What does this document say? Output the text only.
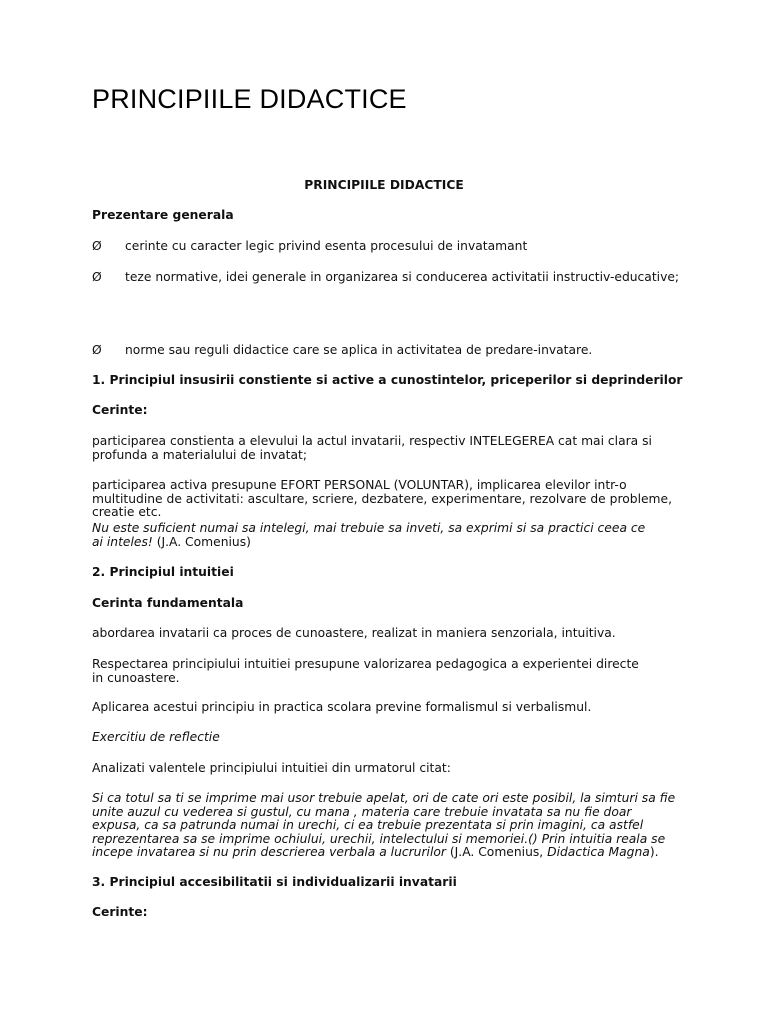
PRINCIPIILE DIDACTICE

PRINCIPIILE DIDACTICE

Prezentare generala

Ø cerinte cu caracter legic privind esenta procesului de invatamant

Ø teze normative, idei generale in organizarea si conducerea activitatii instructiv-educative;

Ø norme sau reguli didactice care se aplica in activitatea de predare-invatare.

1. Principiul insusirii constiente si active a cunostintelor, priceperilor si deprinderilor

Cerinte:

participarea constienta a elevului la actul invatarii, respectiv INTELEGEREA cat mai clara si profunda a materialului de invatat;

participarea activa presupune EFORT PERSONAL (VOLUNTAR), implicarea elevilor intr-o multitudine de activitati: ascultare, scriere, dezbatere, experimentare, rezolvare de probleme, creatie etc.

Nu este suficient numai sa intelegi, mai trebuie sa inveti, sa exprimi si sa practici ceea ce ai inteles! (J.A. Comenius)

2. Principiul intuitiei

Cerinta fundamentala

abordarea invatarii ca proces de cunoastere, realizat in maniera senzoriala, intuitiva.

Respectarea principiului intuitiei presupune valorizarea pedagogica a experientei directe in cunoastere.

Aplicarea acestui principiu in practica scolara previne formalismul si verbalismul.

Exercitiu de reflectie

Analizati valentele principiului intuitiei din urmatorul citat:

Si ca totul sa ti se imprime mai usor trebuie apelat, ori de cate ori este posibil, la simturi sa fie unite auzul cu vederea si gustul, cu mana , materia care trebuie invatata sa nu fie doar expusa, ca sa patrunda numai in urechi, ci ea trebuie prezentata si prin imagini, ca astfel reprezentarea sa se imprime ochiului, urechii, intelectului si memoriei.() Prin intuitia reala se incepe invatarea si nu prin descrierea verbala a lucrurilor (J.A. Comenius, Didactica Magna).

3. Principiul accesibilitatii si individualizarii invatarii

Cerinte:
